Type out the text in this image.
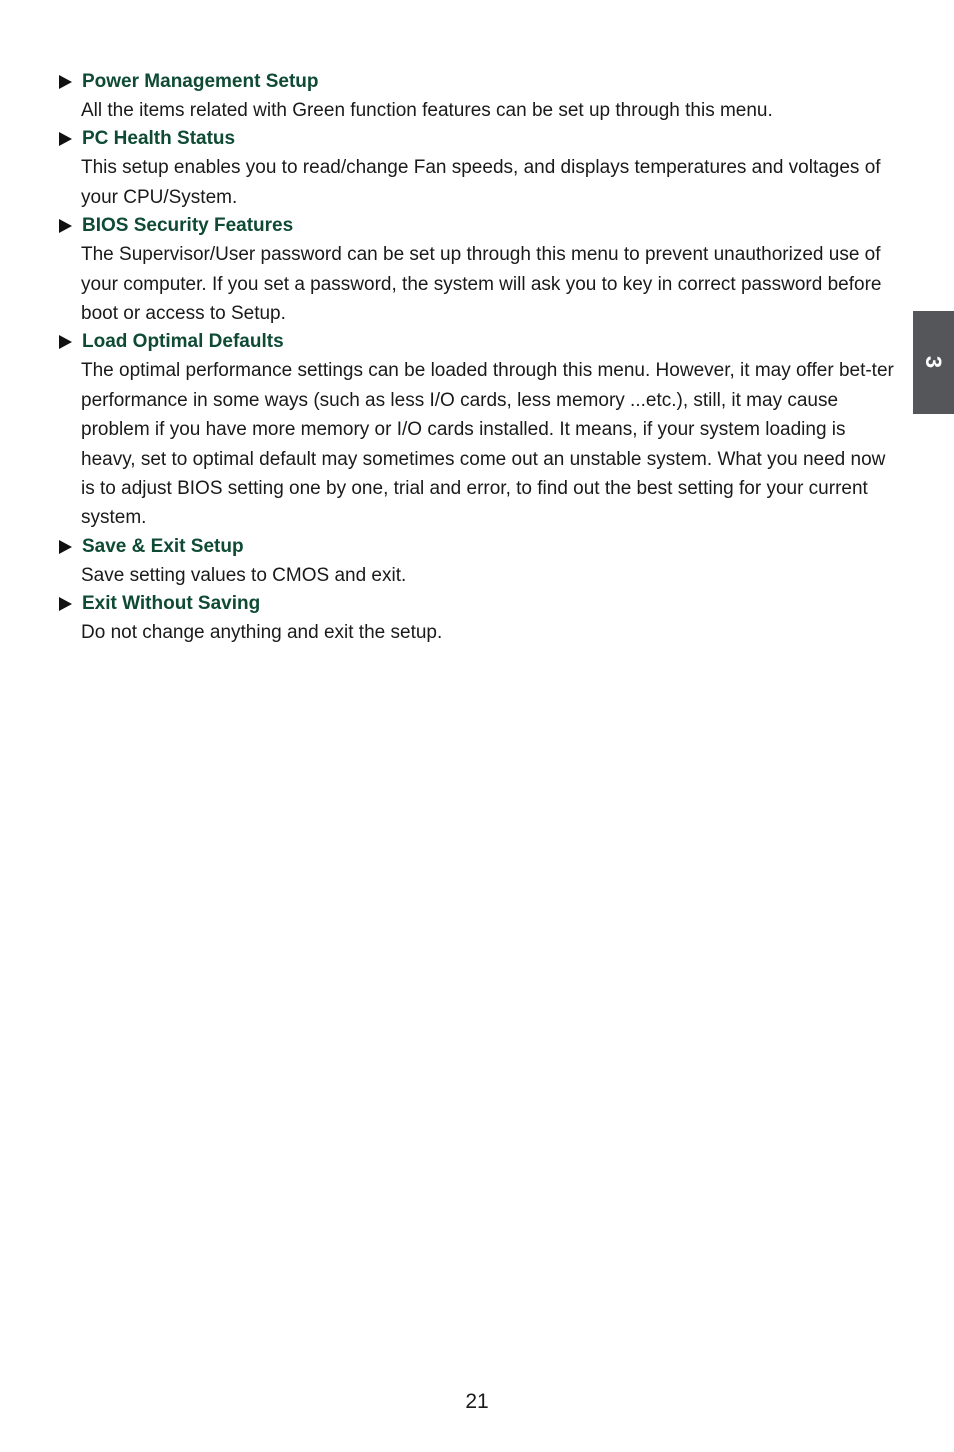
Power Management Setup
All the items related with Green function features can be set up through this menu.
PC Health Status
This setup enables you to read/change Fan speeds, and displays temperatures and voltages of your CPU/System.
BIOS Security Features
The Supervisor/User password can be set up through this menu to prevent unauthorized use of your computer. If you set a password, the system will ask you to key in correct password before boot or access to Setup.
Load Optimal Defaults
The optimal performance settings can be loaded through this menu. However, it may offer bet-ter performance in some ways (such as less I/O cards, less memory ...etc.), still, it may cause problem if you have more memory or I/O cards installed. It means, if your system loading is heavy, set to optimal default may sometimes come out an unstable system. What you need now is to adjust BIOS setting one by one, trial and error, to find out the best setting for your current system.
Save & Exit Setup
Save setting values to CMOS and exit.
Exit Without Saving
Do not change anything and exit the setup.
3
21
